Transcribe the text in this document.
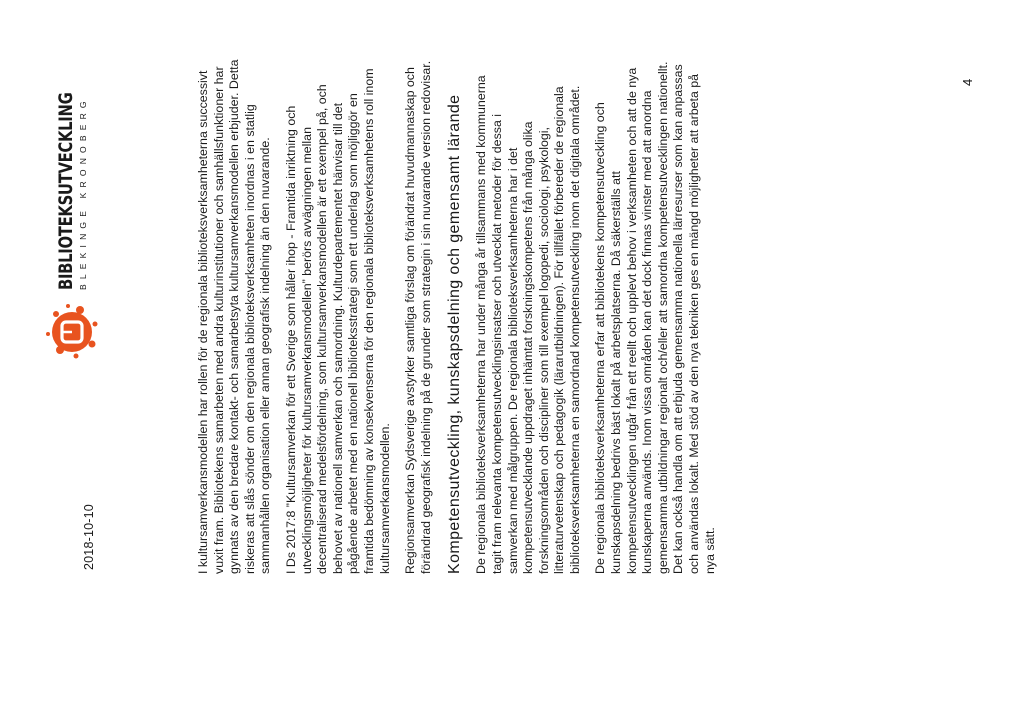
2018-10-10
BIBLIOTEKSUTVECKLING BLEKINGE KRONOBERG	I kultursamverkansmodellen har rollen för de regionala biblioteksverksamheterna successivt vuxit fram. Bibliotekens samarbeten med andra kulturinstitutioner och samhällsfunktioner har gynnats av den bredare kontakt- och samarbetsyta kultursamverkansmodellen erbjuder. Detta riskeras att slås sönder om den regionala biblioteksverksamheten inordnas i en statlig sammanhållen organisation eller annan geografisk indelning än den nuvarande. I Ds 2017:8 ”Kultursamverkan för ett Sverige som håller ihop - Framtida inriktning och utvecklingsmöjligheter för kultursamverkansmodellen” berörs avvägningen mellan decentraliserad medelsfördelning, som kultursamverkansmodellen är ett exempel på, och behovet av nationell samverkan och samordning. Kulturdepartementet hänvisar till det pågående arbetet med en nationell biblioteksstrategi som ett underlag som möjliggör en framtida bedömning av konsekvenserna för den regionala biblioteksverksamhetens roll inom kultursamverkansmodellen. Regionsamverkan Sydsverige avstyrker samtliga förslag om förändrat huvudmannaskap och förändrad geografisk indelning på de grunder som strategin i sin nuvarande version redovisar. Kompetensutveckling, kunskapsdelning och gemensamt lärande De regionala biblioteksverksamheterna har under många år tillsammans med kommunerna tagit fram relevanta kompetensutvecklingsinsatser och utvecklat metoder för dessa i samverkan med målgruppen. De regionala biblioteksverksamheterna har i det kompetensutvecklande uppdraget inhämtat forskningskompetens från många olika forskningsområden och discipliner som till exempel logopedi, sociologi, psykologi, litteraturvetenskap och pedagogik (lärarutbildningen). För tillfället förbereder de regionala biblioteksverksamheterna en samordnad kompetensutveckling inom det digitala området. De regionala biblioteksverksamheterna erfar att bibliotekens kompetensutveckling och kunskapsdelning bedrivs bäst lokalt på arbetsplatserna. Då säkerställs att kompetensutvecklingen utgår från ett reellt och upplevt behov i verksamheten och att de nya kunskaperna används. Inom vissa områden kan det dock finnas vinster med att anordna gemensamma utbildningar regionalt och/eller att samordna kompetensutvecklingen nationellt. Det kan också handla om att erbjuda gemensamma nationella lärresurser som kan anpassas och användas lokalt. Med stöd av den nya tekniken ges en mängd möjligheter att arbeta på nya sätt.

4
